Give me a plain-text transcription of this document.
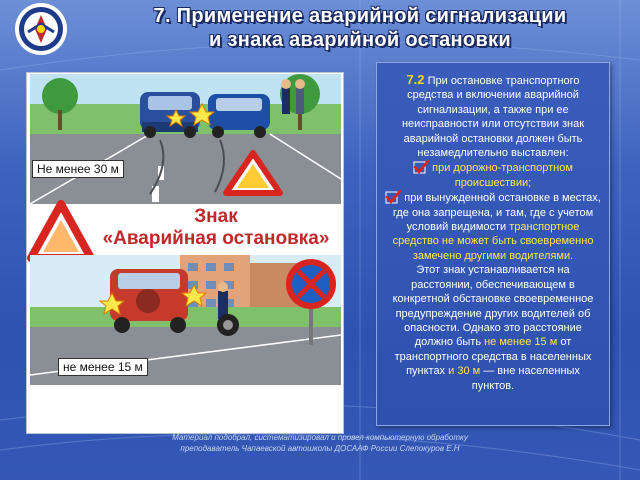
7. Применение аварийной сигнализации
и знака аварийной остановки
Не менее 30 м
Знак
«Аварийная остановка»
не менее 15 м

7.2 При остановке транспортного средства и включении аварийной сигнализации, а также при ее неисправности или отсутствии знак аварийной остановки должен быть незамедлительно выставлен:

при дорожно-транспортном происшествии;

при вынужденной остановке в местах, где она запрещена, и там, где с учетом условий видимости транспортное средство не может быть своевременно замечено другими водителями.

Этот знак устанавливается на расстоянии, обеспечивающем в конкретной обстановке своевременное предупреждение других водителей об опасности. Однако это расстояние должно быть не менее 15 м от транспортного средства в населенных пунктах и 30 м — вне населенных пунктов.

Материал подобрал, систематизировал и провел компьютерную обработку преподаватель Чапаевской автошколы ДОСААФ России Слепокуров Е.Н
